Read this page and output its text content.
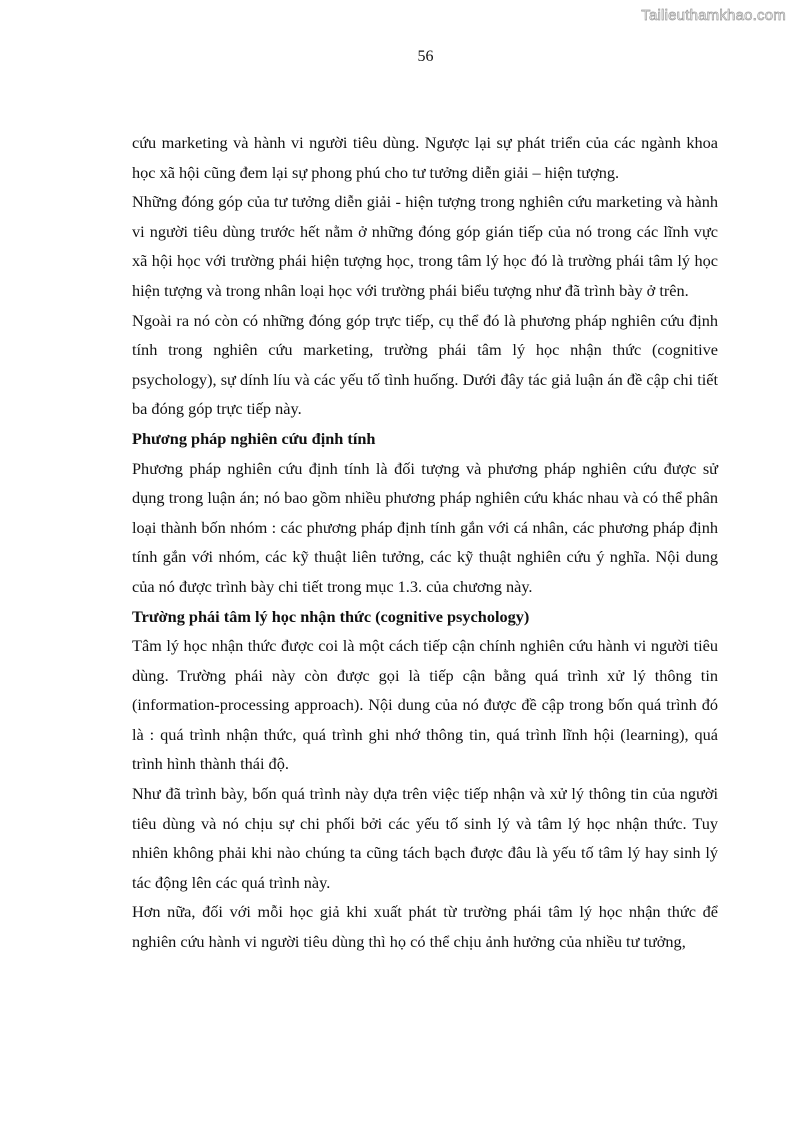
Tailieuthamkhao.com
56

cứu marketing và hành vi người tiêu dùng. Ngược lại sự phát triển của các ngành khoa học xã hội cũng đem lại sự phong phú cho tư tưởng diễn giải – hiện tượng.

Những đóng góp của tư tưởng diễn giải - hiện tượng trong nghiên cứu marketing và hành vi người tiêu dùng trước hết nằm ở những đóng góp gián tiếp của nó trong các lĩnh vực xã hội học với trường phái hiện tượng học, trong tâm lý học đó là trường phái tâm lý học hiện tượng và trong nhân loại học với trường phái biểu tượng như đã trình bày ở trên.

Ngoài ra nó còn có những đóng góp trực tiếp, cụ thể đó là phương pháp nghiên cứu định tính trong nghiên cứu marketing, trường phái tâm lý học nhận thức (cognitive psychology), sự dính líu và các yếu tố tình huống. Dưới đây tác giả luận án đề cập chi tiết ba đóng góp trực tiếp này.

Phương pháp nghiên cứu định tính

Phương pháp nghiên cứu định tính là đối tượng và phương pháp nghiên cứu được sử dụng trong luận án; nó bao gồm nhiều phương pháp nghiên cứu khác nhau và có thể phân loại thành bốn nhóm : các phương pháp định tính gắn với cá nhân, các phương pháp định tính gắn với nhóm, các kỹ thuật liên tưởng, các kỹ thuật nghiên cứu ý nghĩa. Nội dung của nó được trình bày chi tiết trong mục 1.3. của chương này.

Trường phái tâm lý học nhận thức (cognitive psychology)

Tâm lý học nhận thức được coi là một cách tiếp cận chính nghiên cứu hành vi người tiêu dùng. Trường phái này còn được gọi là tiếp cận bằng quá trình xử lý thông tin (information-processing approach). Nội dung của nó được đề cập trong bốn quá trình đó là : quá trình nhận thức, quá trình ghi nhớ thông tin, quá trình lĩnh hội (learning), quá trình hình thành thái độ.

Như đã trình bày, bốn quá trình này dựa trên việc tiếp nhận và xử lý thông tin của người tiêu dùng và nó chịu sự chi phối bởi các yếu tố sinh lý và tâm lý học nhận thức. Tuy nhiên không phải khi nào chúng ta cũng tách bạch được đâu là yếu tố tâm lý hay sinh lý tác động lên các quá trình này.

Hơn nữa, đối với mỗi học giả khi xuất phát từ trường phái tâm lý học nhận thức để nghiên cứu hành vi người tiêu dùng thì họ có thể chịu ảnh hưởng của nhiều tư tưởng,
